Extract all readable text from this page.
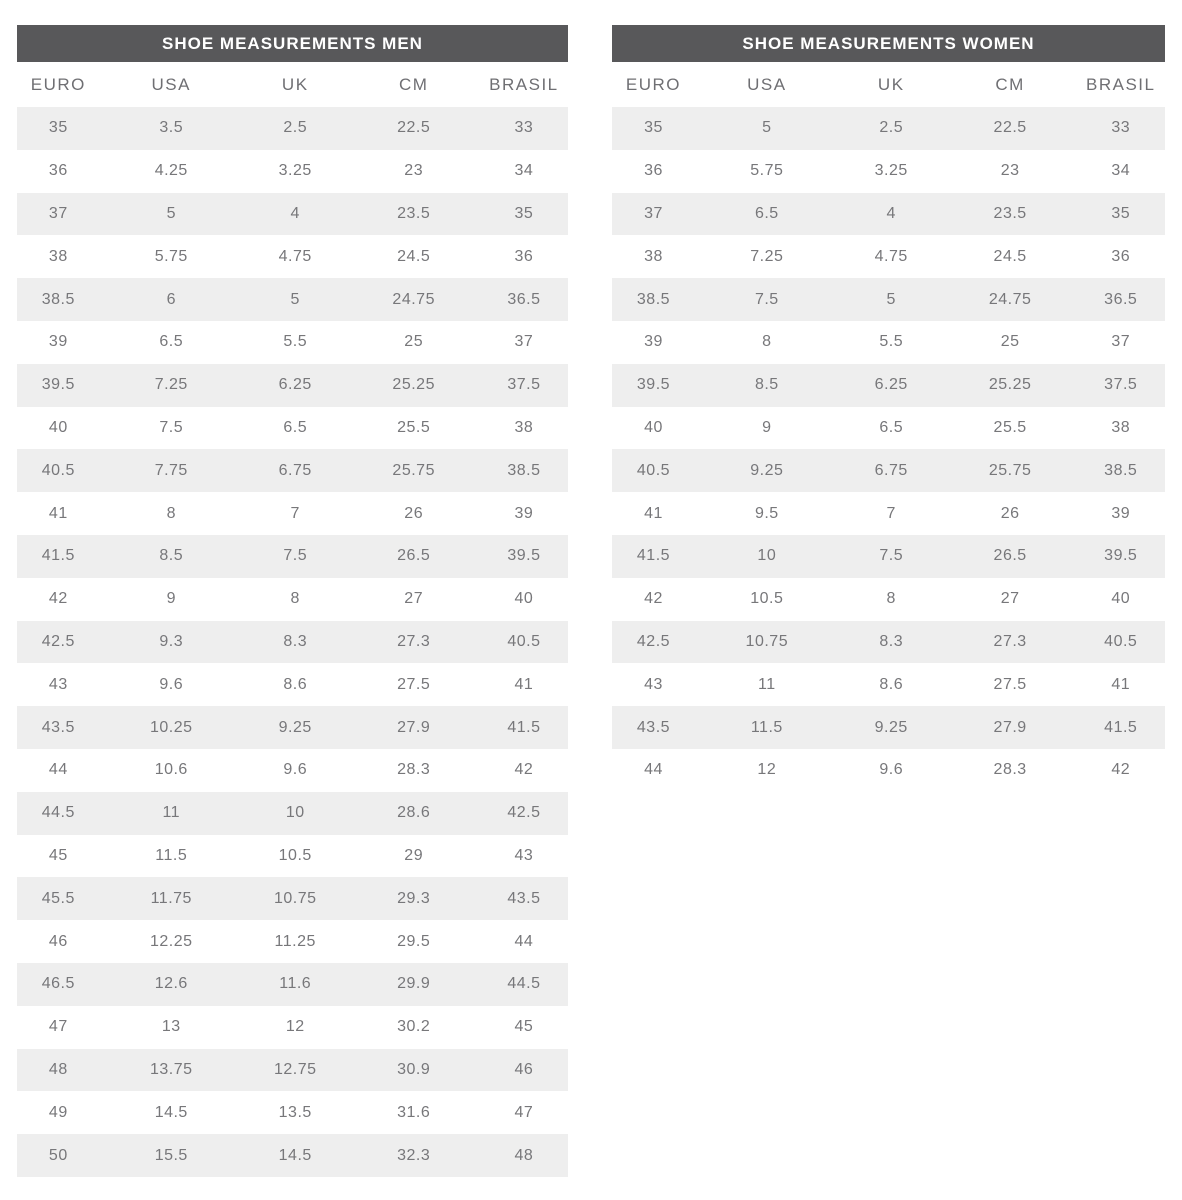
SHOE MEASUREMENTS MEN
EURO	USA	UK	CM	BRASIL
35	3.5	2.5	22.5	33
36	4.25	3.25	23	34
37	5	4	23.5	35
38	5.75	4.75	24.5	36
38.5	6	5	24.75	36.5
39	6.5	5.5	25	37
39.5	7.25	6.25	25.25	37.5
40	7.5	6.5	25.5	38
40.5	7.75	6.75	25.75	38.5
41	8	7	26	39
41.5	8.5	7.5	26.5	39.5
42	9	8	27	40
42.5	9.3	8.3	27.3	40.5
43	9.6	8.6	27.5	41
43.5	10.25	9.25	27.9	41.5
44	10.6	9.6	28.3	42
44.5	11	10	28.6	42.5
45	11.5	10.5	29	43
45.5	11.75	10.75	29.3	43.5
46	12.25	11.25	29.5	44
46.5	12.6	11.6	29.9	44.5
47	13	12	30.2	45
48	13.75	12.75	30.9	46
49	14.5	13.5	31.6	47
50	15.5	14.5	32.3	48
SHOE MEASUREMENTS WOMEN
EURO	USA	UK	CM	BRASIL
35	5	2.5	22.5	33
36	5.75	3.25	23	34
37	6.5	4	23.5	35
38	7.25	4.75	24.5	36
38.5	7.5	5	24.75	36.5
39	8	5.5	25	37
39.5	8.5	6.25	25.25	37.5
40	9	6.5	25.5	38
40.5	9.25	6.75	25.75	38.5
41	9.5	7	26	39
41.5	10	7.5	26.5	39.5
42	10.5	8	27	40
42.5	10.75	8.3	27.3	40.5
43	11	8.6	27.5	41
43.5	11.5	9.25	27.9	41.5
44	12	9.6	28.3	42
